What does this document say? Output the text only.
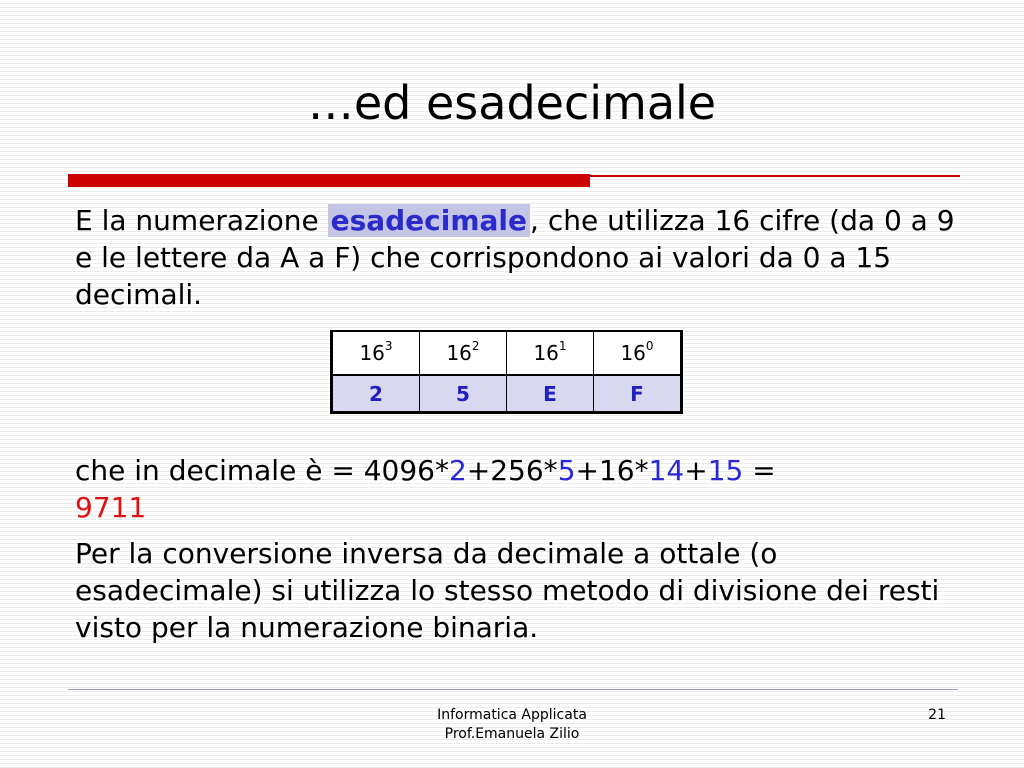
…ed esadecimale
E la numerazione esadecimale , che utilizza 16 cifre (da 0 a 9 e le lettere da A a F) che corrispondono ai valori da 0 a 15 decimali.
$16^3$	$16^2$	$16^1$	$16^0$
2	5	E	F
che in decimale è = 4096*2+256*5+16*14+15 =
9711
Per la conversione inversa da decimale a ottale (o esadecimale) si utilizza lo stesso metodo di divisione dei resti visto per la numerazione binaria.
Informatica Applicata
Prof.Emanuela Zilio
21
